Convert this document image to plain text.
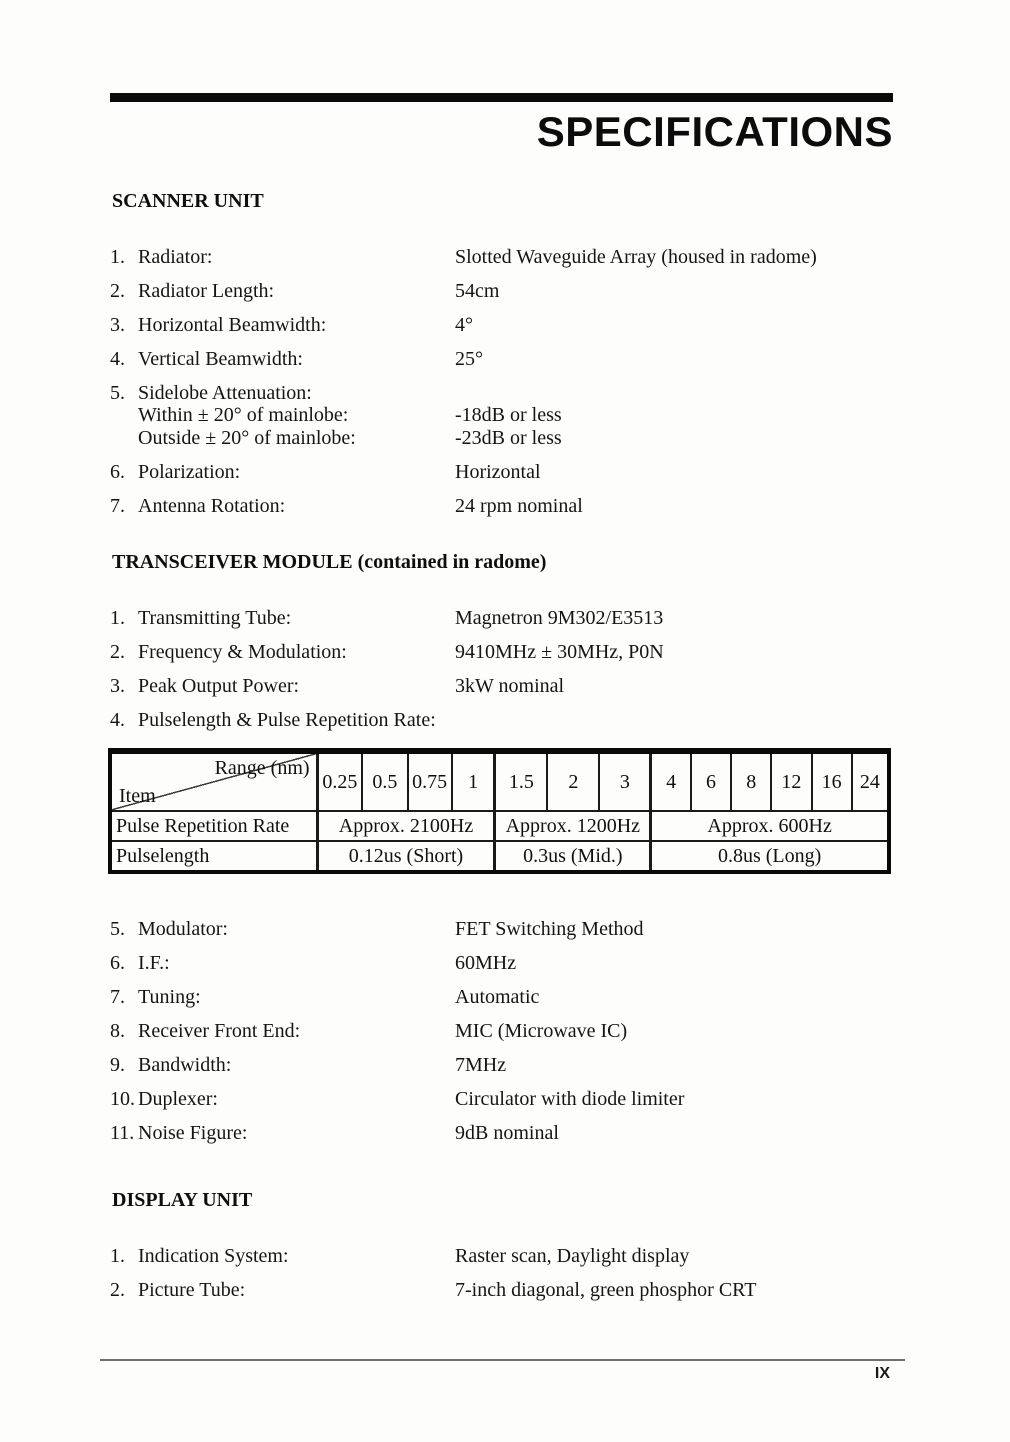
SPECIFICATIONS
SCANNER UNIT
1. Radiator:	Slotted Waveguide Array (housed in radome)
2. Radiator Length:	54cm
3. Horizontal Beamwidth:	4°
4. Vertical Beamwidth:	25°
5. Sidelobe Attenuation:
Within ± 20° of mainlobe:	-18dB or less
Outside ± 20° of mainlobe:	-23dB or less
6. Polarization:	Horizontal
7. Antenna Rotation:	24 rpm nominal
TRANSCEIVER MODULE (contained in radome)
1. Transmitting Tube:	Magnetron 9M302/E3513
2. Frequency & Modulation:	9410MHz ± 30MHz, P0N
3. Peak Output Power:	3kW nominal
4. Pulselength & Pulse Repetition Rate:
Range (nm)
Item	0.25	0.5	0.75	1	1.5	2	3	4	6	8	12	16	24
Pulse Repetition Rate	Approx. 2100Hz				Approx. 1200Hz			Approx. 600Hz					
Pulselength	0.12us (Short)				0.3us (Mid.)			0.8us (Long)					
5. Modulator:	FET Switching Method
6. I.F.:	60MHz
7. Tuning:	Automatic
8. Receiver Front End:	MIC (Microwave IC)
9. Bandwidth:	7MHz
10. Duplexer:	Circulator with diode limiter
11. Noise Figure:	9dB nominal
DISPLAY UNIT
1. Indication System:	Raster scan, Daylight display
2. Picture Tube:	7-inch diagonal, green phosphor CRT
IX
